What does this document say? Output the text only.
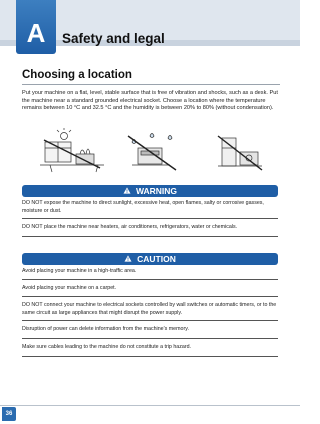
A	Safety and legal
Choosing a location
Put your machine on a flat, level, stable surface that is free of vibration and shocks, such as a desk. Put the machine near a standard grounded electrical socket. Choose a location where the temperature remains between 10 °C and 32.5 °C and the humidity is between 20% to 80% (without condensation).
WARNING
DO NOT expose the machine to direct sunlight, excessive heat, open flames, salty or corrosive gasses, moisture or dust.
DO NOT place the machine near heaters, air conditioners, refrigerators, water or chemicals.
CAUTION
Avoid placing your machine in a high-traffic area.
Avoid placing your machine on a carpet.
DO NOT connect your machine to electrical sockets controlled by wall switches or automatic timers, or to the same circuit as large appliances that might disrupt the power supply.
Disruption of power can delete information from the machine's memory.
Make sure cables leading to the machine do not constitute a trip hazard.
36
